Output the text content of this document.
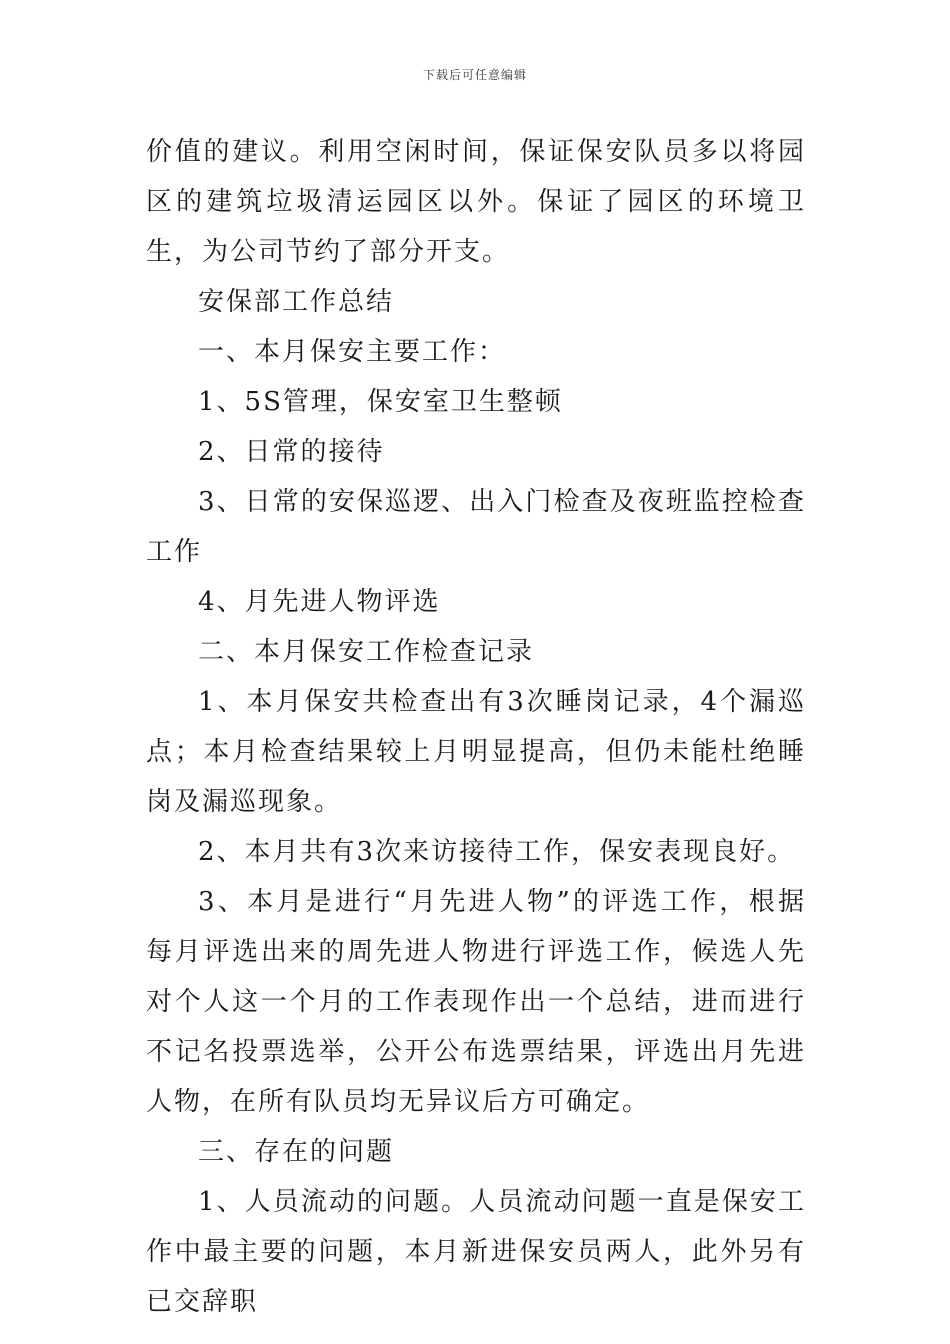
下载后可任意编辑

价值的建议。利用空闲时间，保证保安队员多以将园区的建筑垃圾清运园区以外。保证了园区的环境卫生，为公司节约了部分开支。

安保部工作总结

一、本月保安主要工作：

1、5S管理，保安室卫生整顿

2、日常的接待

3、日常的安保巡逻、出入门检查及夜班监控检查工作

4、月先进人物评选

二、本月保安工作检查记录

1、本月保安共检查出有3次睡岗记录，4个漏巡点；本月检查结果较上月明显提高，但仍未能杜绝睡岗及漏巡现象。

2、本月共有3次来访接待工作，保安表现良好。

3、本月是进行“月先进人物”的评选工作，根据每月评选出来的周先进人物进行评选工作，候选人先对个人这一个月的工作表现作出一个总结，进而进行不记名投票选举，公开公布选票结果，评选出月先进人物，在所有队员均无异议后方可确定。

三、存在的问题

1、人员流动的问题。人员流动问题一直是保安工作中最主要的问题，本月新进保安员两人，此外另有已交辞职
